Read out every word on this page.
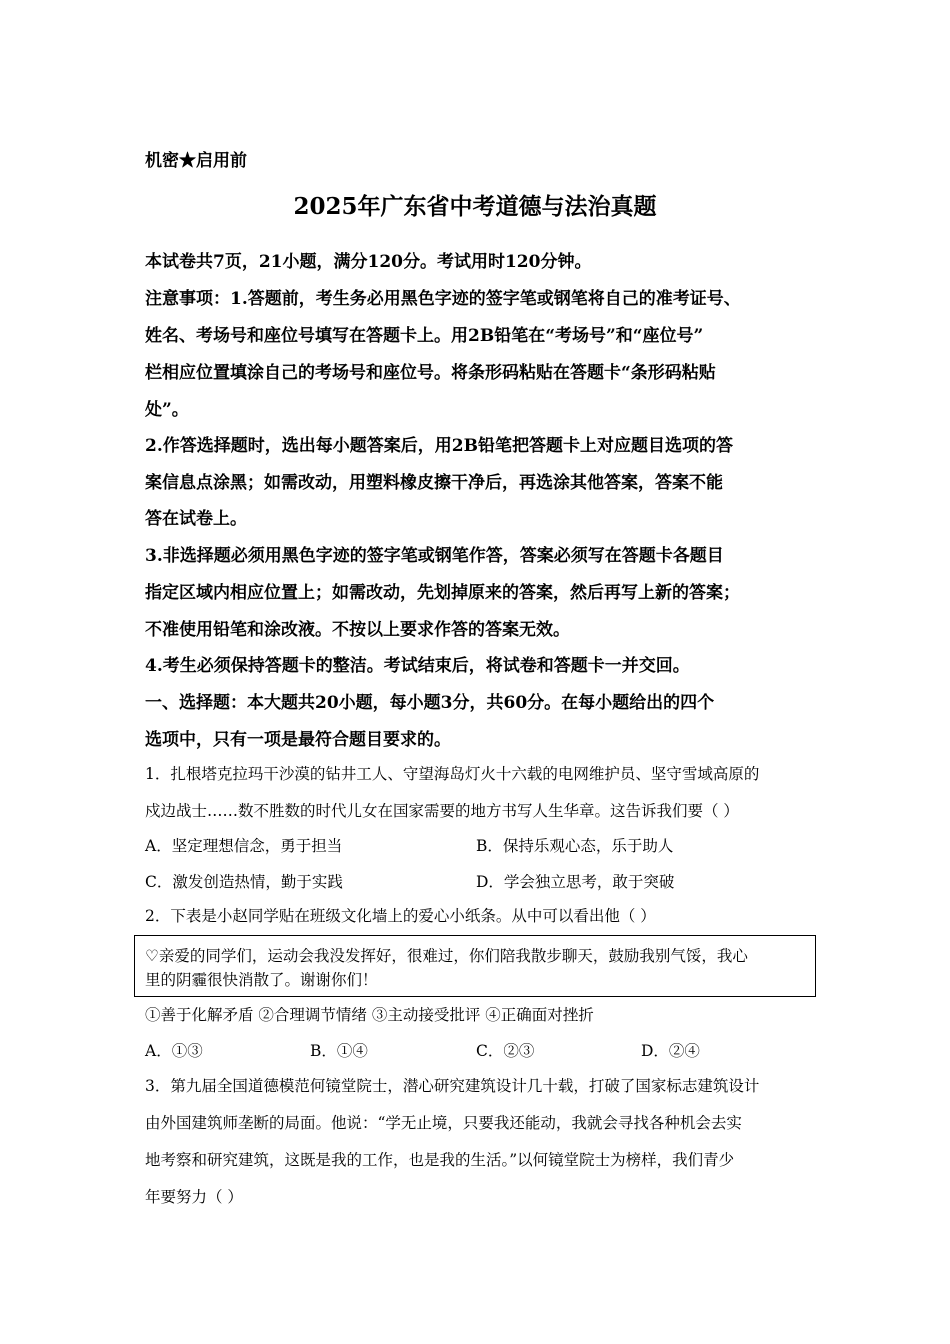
机密★启用前
2025年广东省中考道德与法治真题
本试卷共7页，21小题，满分120分。考试用时120分钟。
注意事项：1.答题前，考生务必用黑色字迹的签字笔或钢笔将自己的准考证号、
姓名、考场号和座位号填写在答题卡上。用2B铅笔在“考场号”和“座位号”
栏相应位置填涂自己的考场号和座位号。将条形码粘贴在答题卡“条形码粘贴
处”。
2.作答选择题时，选出每小题答案后，用2B铅笔把答题卡上对应题目选项的答
案信息点涂黑；如需改动，用塑料橡皮擦干净后，再选涂其他答案，答案不能
答在试卷上。
3.非选择题必须用黑色字迹的签字笔或钢笔作答，答案必须写在答题卡各题目
指定区域内相应位置上；如需改动，先划掉原来的答案，然后再写上新的答案；
不准使用铅笔和涂改液。不按以上要求作答的答案无效。
4.考生必须保持答题卡的整洁。考试结束后，将试卷和答题卡一并交回。
一、选择题：本大题共20小题，每小题3分，共60分。在每小题给出的四个
选项中，只有一项是最符合题目要求的。
1．扎根塔克拉玛干沙漠的钻井工人、守望海岛灯火十六载的电网维护员、坚守雪域高原的
戍边战士……数不胜数的时代儿女在国家需要的地方书写人生华章。这告诉我们要（ ）
A．坚定理想信念，勇于担当	B．保持乐观心态，乐于助人
C．激发创造热情，勤于实践	D．学会独立思考，敢于突破
2．下表是小赵同学贴在班级文化墙上的爱心小纸条。从中可以看出他（ ）
♡亲爱的同学们，运动会我没发挥好，很难过，你们陪我散步聊天，鼓励我别气馁，我心
里的阴霾很快消散了。谢谢你们！
①善于化解矛盾 ②合理调节情绪 ③主动接受批评 ④正确面对挫折
A．①③	B．①④	C．②③	D．②④
3．第九届全国道德模范何镜堂院士，潜心研究建筑设计几十载，打破了国家标志建筑设计
由外国建筑师垄断的局面。他说：“学无止境，只要我还能动，我就会寻找各种机会去实
地考察和研究建筑，这既是我的工作，也是我的生活。”以何镜堂院士为榜样，我们青少
年要努力（ ）
